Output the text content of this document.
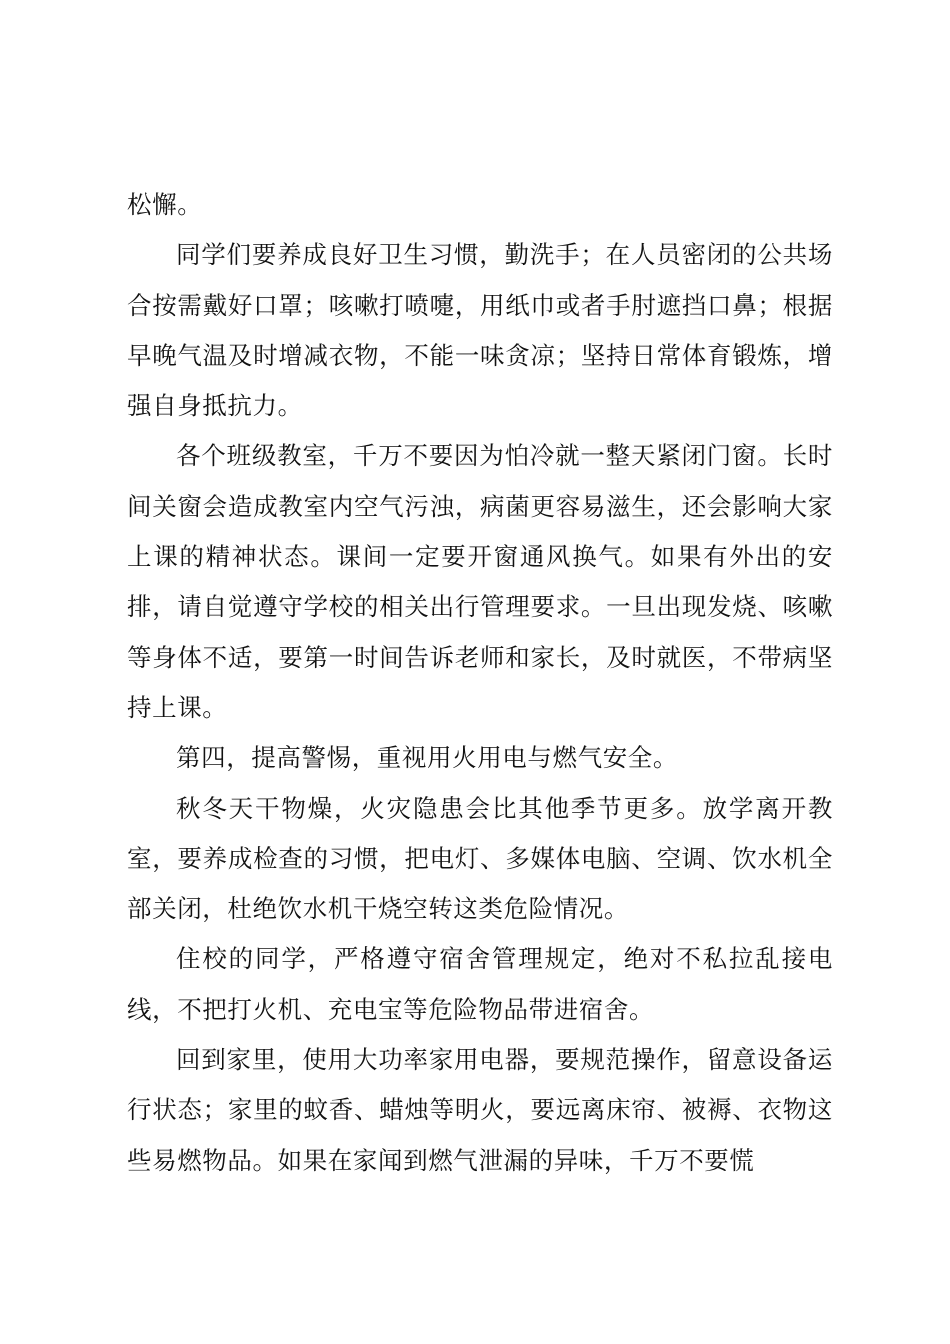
松懈。

同学们要养成良好卫生习惯，勤洗手；在人员密闭的公共场合按需戴好口罩；咳嗽打喷嚏，用纸巾或者手肘遮挡口鼻；根据早晚气温及时增减衣物，不能一味贪凉；坚持日常体育锻炼，增强自身抵抗力。

各个班级教室，千万不要因为怕冷就一整天紧闭门窗。长时间关窗会造成教室内空气污浊，病菌更容易滋生，还会影响大家上课的精神状态。课间一定要开窗通风换气。如果有外出的安排，请自觉遵守学校的相关出行管理要求。一旦出现发烧、咳嗽等身体不适，要第一时间告诉老师和家长，及时就医，不带病坚持上课。

第四，提高警惕，重视用火用电与燃气安全。

秋冬天干物燥，火灾隐患会比其他季节更多。放学离开教室，要养成检查的习惯，把电灯、多媒体电脑、空调、饮水机全部关闭，杜绝饮水机干烧空转这类危险情况。

住校的同学，严格遵守宿舍管理规定，绝对不私拉乱接电线，不把打火机、充电宝等危险物品带进宿舍。

回到家里，使用大功率家用电器，要规范操作，留意设备运行状态；家里的蚊香、蜡烛等明火，要远离床帘、被褥、衣物这些易燃物品。如果在家闻到燃气泄漏的异味，千万不要慌
